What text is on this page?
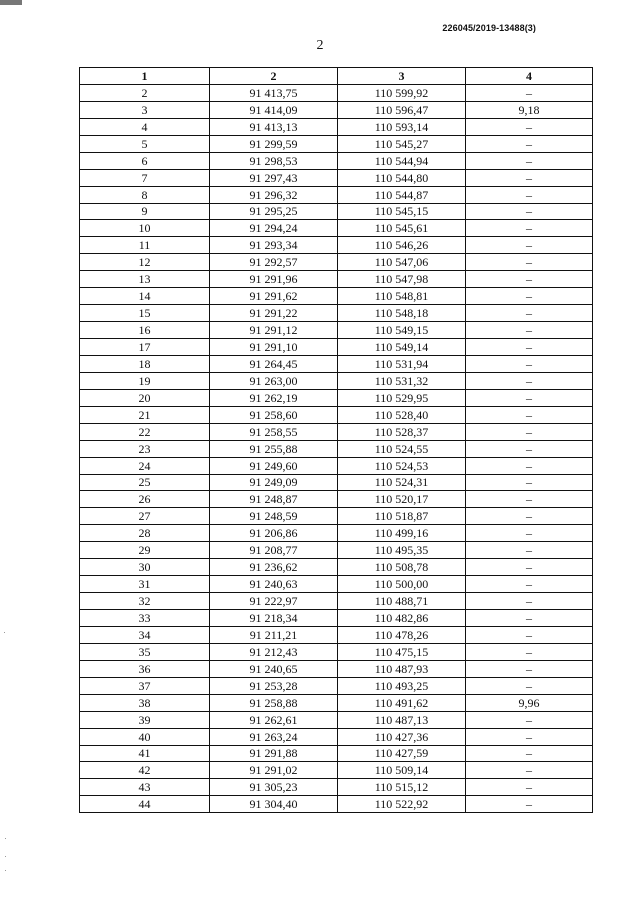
226045/2019-13488(3)
2
1	2	3	4
2	91 413,75	110 599,92	–
3	91 414,09	110 596,47	9,18
4	91 413,13	110 593,14	–
5	91 299,59	110 545,27	–
6	91 298,53	110 544,94	–
7	91 297,43	110 544,80	–
8	91 296,32	110 544,87	–
9	91 295,25	110 545,15	–
10	91 294,24	110 545,61	–
11	91 293,34	110 546,26	–
12	91 292,57	110 547,06	–
13	91 291,96	110 547,98	–
14	91 291,62	110 548,81	–
15	91 291,22	110 548,18	–
16	91 291,12	110 549,15	–
17	91 291,10	110 549,14	–
18	91 264,45	110 531,94	–
19	91 263,00	110 531,32	–
20	91 262,19	110 529,95	–
21	91 258,60	110 528,40	–
22	91 258,55	110 528,37	–
23	91 255,88	110 524,55	–
24	91 249,60	110 524,53	–
25	91 249,09	110 524,31	–
26	91 248,87	110 520,17	–
27	91 248,59	110 518,87	–
28	91 206,86	110 499,16	–
29	91 208,77	110 495,35	–
30	91 236,62	110 508,78	–
31	91 240,63	110 500,00	–
32	91 222,97	110 488,71	–
33	91 218,34	110 482,86	–
34	91 211,21	110 478,26	–
35	91 212,43	110 475,15	–
36	91 240,65	110 487,93	–
37	91 253,28	110 493,25	–
38	91 258,88	110 491,62	9,96
39	91 262,61	110 487,13	–
40	91 263,24	110 427,36	–
41	91 291,88	110 427,59	–
42	91 291,02	110 509,14	–
43	91 305,23	110 515,12	–
44	91 304,40	110 522,92	–
